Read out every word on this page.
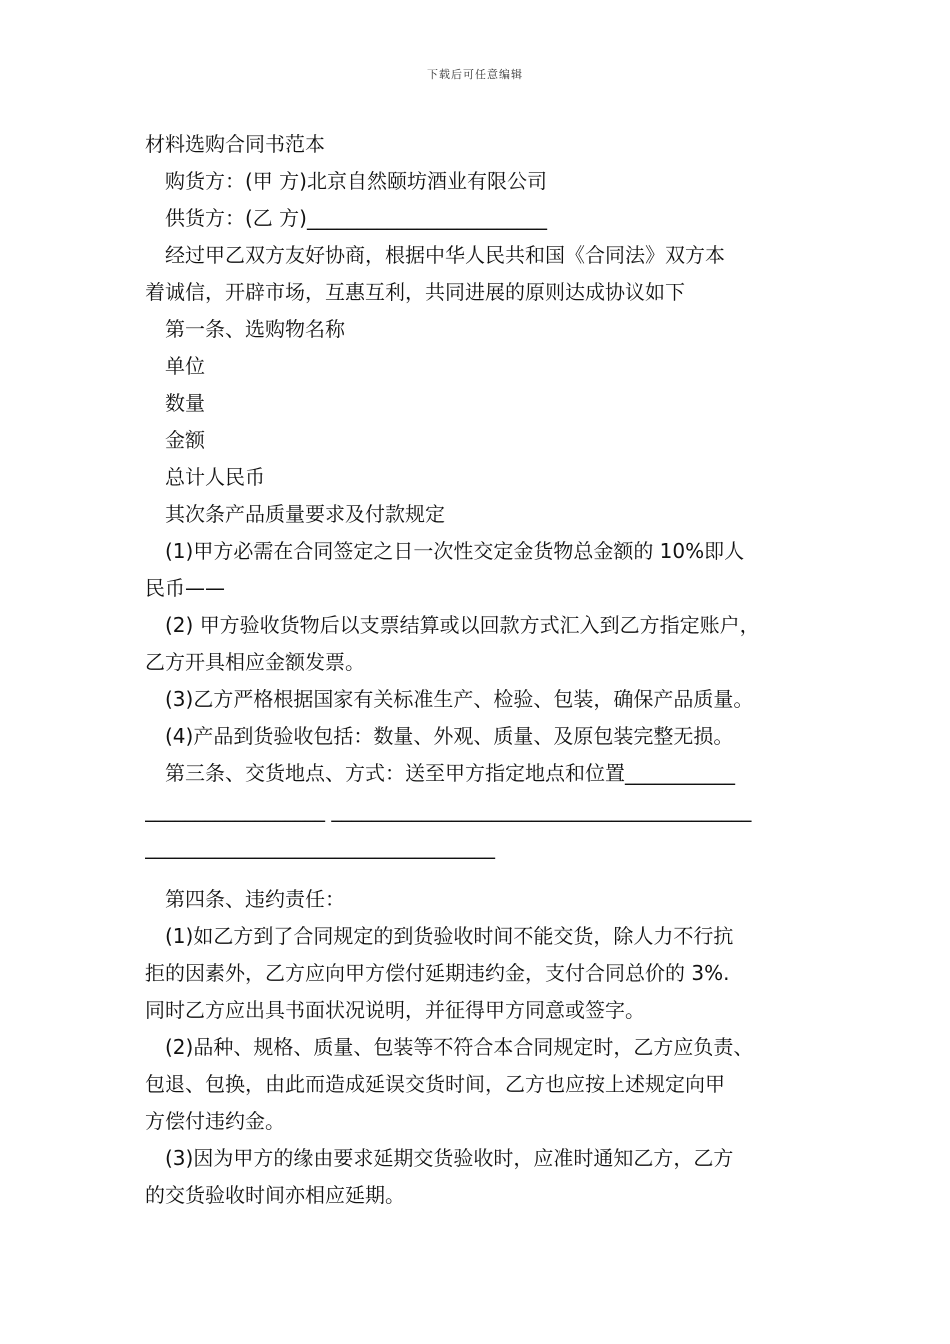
下载后可任意编辑
材料选购合同书范本
购货方：(甲 方)北京自然颐坊酒业有限公司
供货方：(乙 方)________________________
经过甲乙双方友好协商，根据中华人民共和国《合同法》双方本
着诚信，开辟市场，互惠互利，共同进展的原则达成协议如下
第一条、选购物名称
单位
数量
金额
总计人民币
其次条产品质量要求及付款规定
(1)甲方必需在合同签定之日一次性交定金货物总金额的 10%即人
民币——
(2) 甲方验收货物后以支票结算或以回款方式汇入到乙方指定账户，
乙方开具相应金额发票。
(3)乙方严格根据国家有关标准生产、检验、包装，确保产品质量。
(4)产品到货验收包括：数量、外观、质量、及原包装完整无损。
第三条、交货地点、方式：送至甲方指定地点和位置___________
__________________ __________________________________________
___________________________________
第四条、违约责任：
(1)如乙方到了合同规定的到货验收时间不能交货，除人力不行抗
拒的因素外，乙方应向甲方偿付延期违约金，支付合同总价的 3%.
同时乙方应出具书面状况说明，并征得甲方同意或签字。
(2)品种、规格、质量、包装等不符合本合同规定时，乙方应负责、
包退、包换，由此而造成延误交货时间，乙方也应按上述规定向甲
方偿付违约金。
(3)因为甲方的缘由要求延期交货验收时，应准时通知乙方，乙方
的交货验收时间亦相应延期。
